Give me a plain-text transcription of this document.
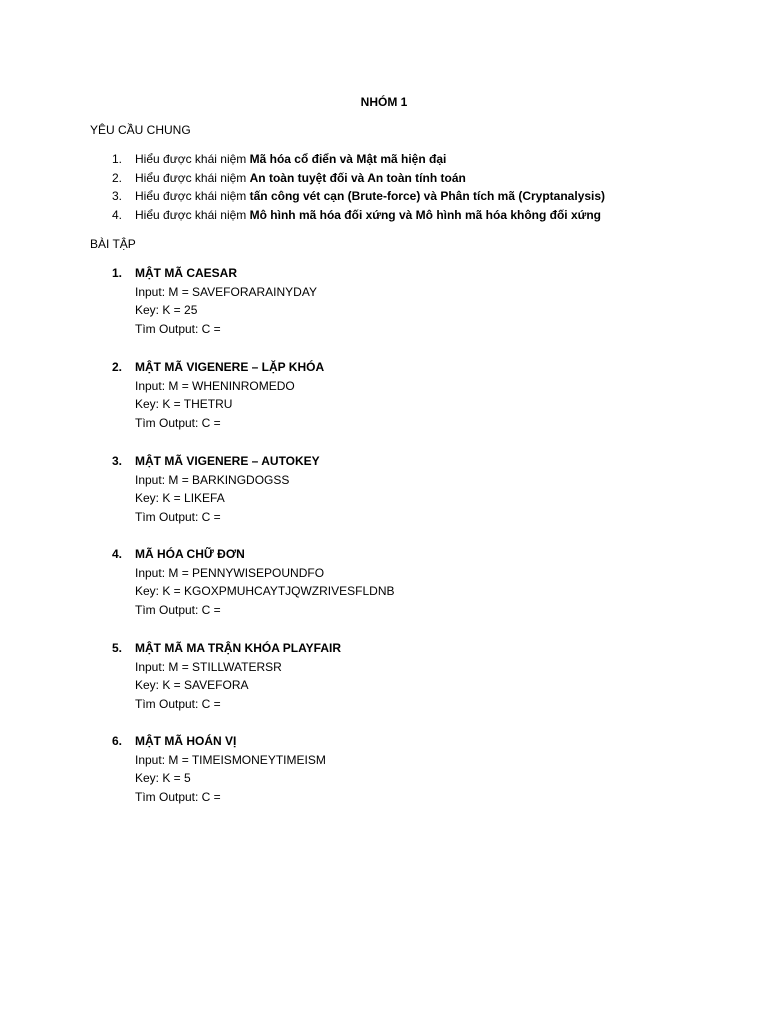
NHÓM 1
YÊU CẦU CHUNG
1. Hiểu được khái niệm Mã hóa cổ điển và Mật mã hiện đại
2. Hiểu được khái niệm An toàn tuyệt đối và An toàn tính toán
3. Hiểu được khái niệm tấn công vét cạn (Brute-force) và Phân tích mã (Cryptanalysis)
4. Hiểu được khái niệm Mô hình mã hóa đối xứng và Mô hình mã hóa không đối xứng
BÀI TẬP
1. MẬT MÃ CAESAR
Input: M = SAVEFORARAINYDAY
Key: K = 25
Tìm Output: C =
2. MẬT MÃ VIGENERE – LẶP KHÓA
Input: M = WHENINROMEDO
Key: K = THETRU
Tìm Output: C =
3. MẬT MÃ VIGENERE – AUTOKEY
Input: M = BARKINGDOGSS
Key: K = LIKEFA
Tìm Output: C =
4. MÃ HÓA CHỮ ĐƠN
Input: M = PENNYWISEPOUNDFO
Key: K = KGOXPMUHCAYTJQWZRIVESFLDNB
Tìm Output: C =
5. MẬT MÃ MA TRẬN KHÓA PLAYFAIR
Input: M = STILLWATERSR
Key: K = SAVEFORA
Tìm Output: C =
6. MẬT MÃ HOÁN VỊ
Input: M = TIMEISMONEYTIMEISM
Key: K = 5
Tìm Output: C =
